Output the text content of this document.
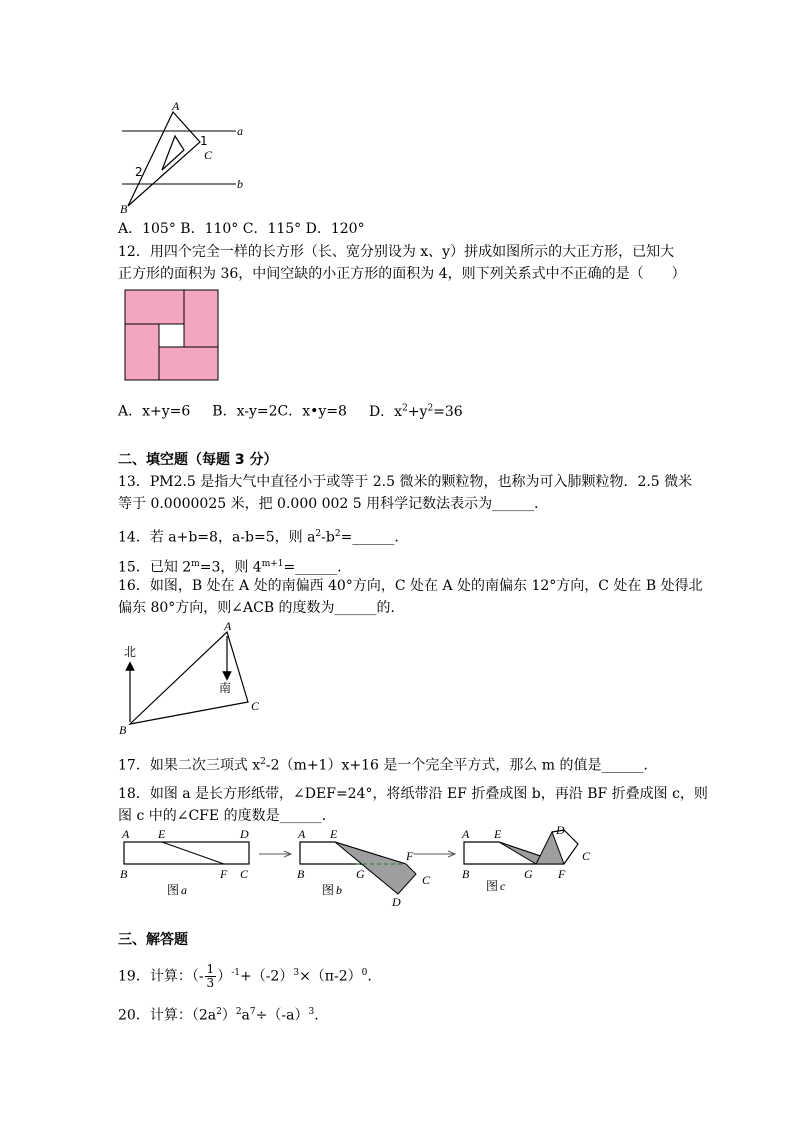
A
C
1
2
a
b
B
A．105° B．110° C．115° D．120°
12．用四个完全一样的长方形（长、宽分别设为 x、y）拼成如图所示的大正方形，已知大
正方形的面积为 36，中间空缺的小正方形的面积为 4，则下列关系式中不正确的是（　　）
A．x+y=6 B．x-y=2C．x•y=8 D．$x^2+y^2=36$
二、填空题（每题 3 分）
13．PM2.5 是指大气中直径小于或等于 2.5 微米的颗粒物，也称为可入肺颗粒物．2.5 微米
等于 0.0000025 米，把 0.000 002 5 用科学记数法表示为______．
14．若 a+b=8，a-b=5，则 $a^2-b^2=\_\_\_\_\_\_$．
15．已知 $2^m=3$，则 $4^{m+1}=\_\_\_\_\_\_$．
16．如图，B 处在 A 处的南偏西 40°方向，C 处在 A 处的南偏东 12°方向，C 处在 B 处得北
偏东 80°方向，则∠ACB 的度数为______的．
北
南
A
B
C
17．如果二次三项式 $x^2-2(m+1)x+16$ 是一个完全平方式，那么 m 的值是______．
18．如图 a 是长方形纸带，∠DEF=24°，将纸带沿 EF 折叠成图 b，再沿 BF 折叠成图 c，则
图 c 中的∠CFE 的度数是______．
A E	D
B	F C
图 a
A E
F
B	G	C
D
图 b
A E	D
C
B	G F
图 c
三、解答题
19．计算：（- $\frac{1}{3} )^{-1}+(-2)^3\times(\pi-2)^0$.
20．计算：$(2a^2)^2a^7\div(-a)^3$.
